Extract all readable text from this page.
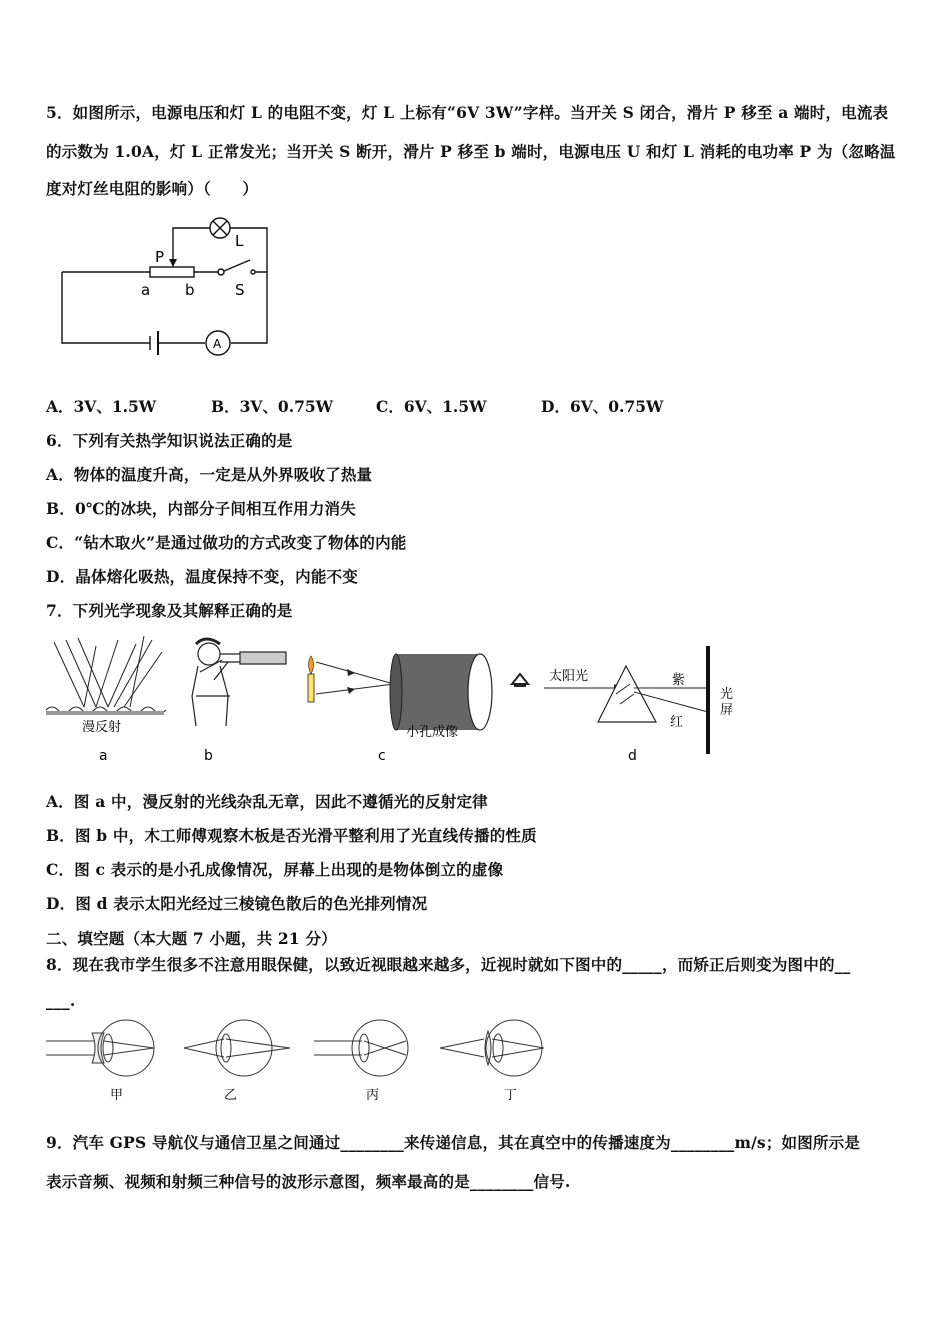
5．如图所示，电源电压和灯 L 的电阻不变，灯 L 上标有“6V 3W”字样。当开关 S 闭合，滑片 P 移至 a 端时，电流表
的示数为 1.0A，灯 L 正常发光；当开关 S 断开，滑片 P 移至 b 端时，电源电压 U 和灯 L 消耗的电功率 P 为（忽略温
度对灯丝电阻的影响）（　　）
P
L
a b	S
A
A．3V、1.5W	B．3V、0.75W	C．6V、1.5W	D．6V、0.75W
6．下列有关热学知识说法正确的是
A．物体的温度升高，一定是从外界吸收了热量
B．0℃的冰块，内部分子间相互作用力消失
C．“钻木取火”是通过做功的方式改变了物体的内能
D．晶体熔化吸热，温度保持不变，内能不变
7．下列光学现象及其解释正确的是
漫反射
a	b
小孔成像
c
太阳光	紫
红
光屏
d
A．图 a 中，漫反射的光线杂乱无章，因此不遵循光的反射定律
B．图 b 中，木工师傅观察木板是否光滑平整利用了光直线传播的性质
C．图 c 表示的是小孔成像情况，屏幕上出现的是物体倒立的虚像
D．图 d 表示太阳光经过三棱镜色散后的色光排列情况
二、填空题（本大题 7 小题，共 21 分）
8．现在我市学生很多不注意用眼保健，以致近视眼越来越多，近视时就如下图中的_____，而矫正后则变为图中的__
___.
甲	乙	丙	丁
9．汽车 GPS 导航仪与通信卫星之间通过________来传递信息，其在真空中的传播速度为________m/s；如图所示是
表示音频、视频和射频三种信号的波形示意图，频率最高的是________信号.
